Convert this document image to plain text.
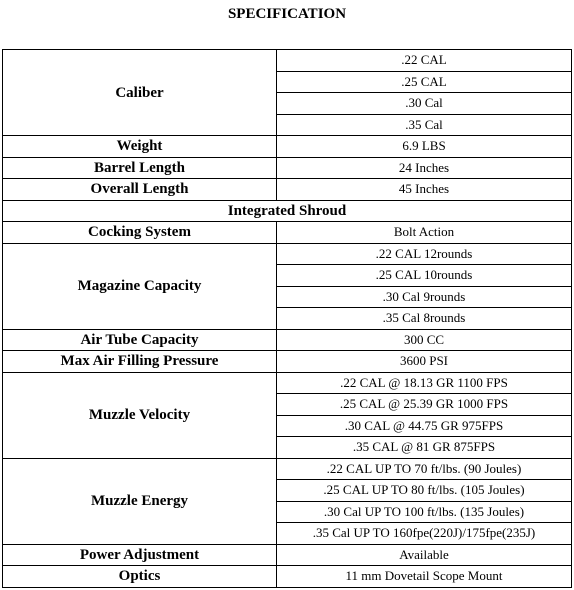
SPECIFICATION
Caliber	.22 CAL
	.25 CAL
	.30 Cal
	.35 Cal
Weight	6.9 LBS
Barrel Length	24 Inches
Overall Length	45 Inches
Integrated Shroud	
Cocking System	Bolt Action
Magazine Capacity	.22 CAL 12rounds
	.25 CAL 10rounds
	.30 Cal 9rounds
	.35 Cal 8rounds
Air Tube Capacity	300 CC
Max Air Filling Pressure	3600 PSI
Muzzle Velocity	.22 CAL @ 18.13 GR 1100 FPS
	.25 CAL @ 25.39 GR 1000 FPS
	.30 CAL @ 44.75 GR 975FPS
	.35 CAL @ 81 GR 875FPS
Muzzle Energy	.22 CAL UP TO 70 ft/lbs. (90 Joules)
	.25 CAL UP TO 80 ft/lbs. (105 Joules)
	.30 Cal UP TO 100 ft/lbs. (135 Joules)
	.35 Cal UP TO 160fpe(220J)/175fpe(235J)
Power Adjustment	Available
Optics	11 mm Dovetail Scope Mount
